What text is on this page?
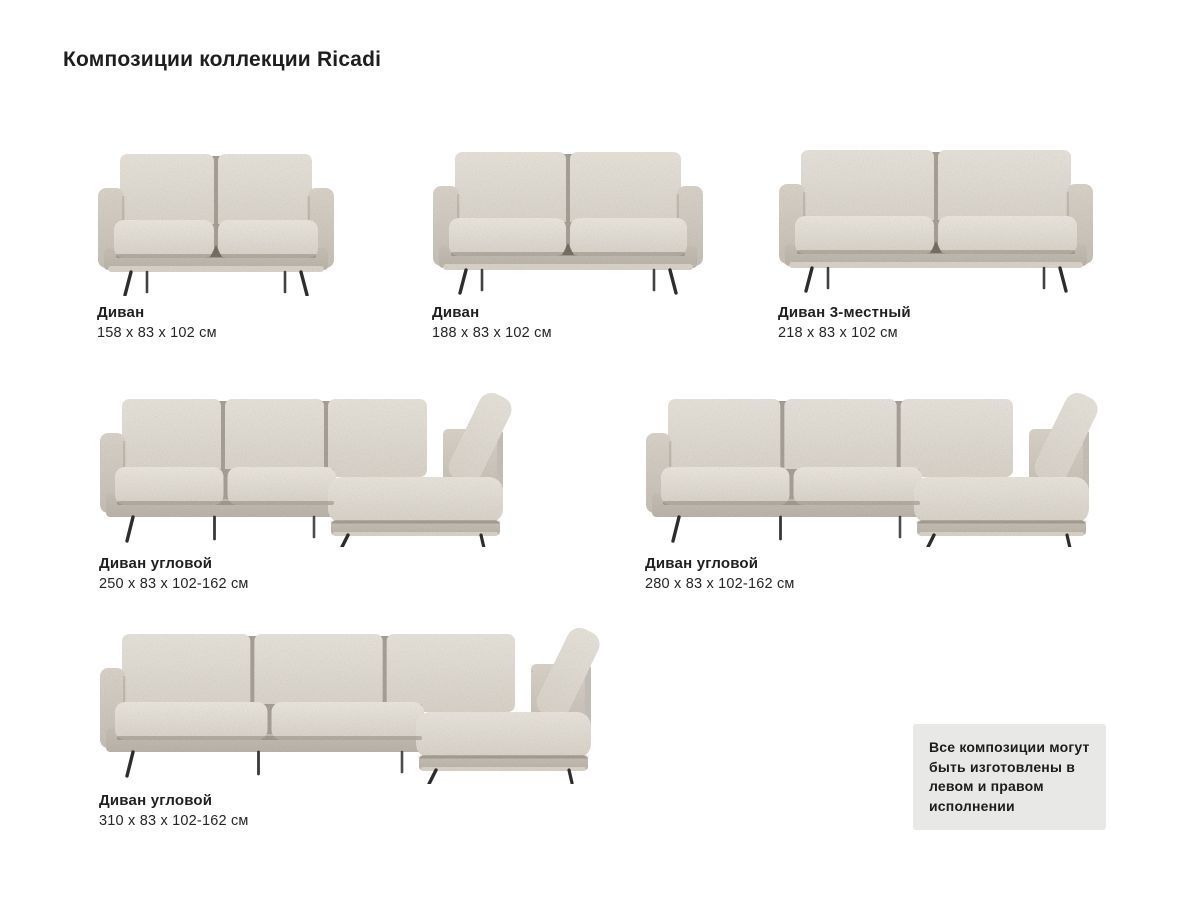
Композиции коллекции Ricadi
Диван
158 x 83 x 102 см
Диван
188 x 83 x 102 см
Диван 3-местный
218 x 83 x 102 см
Диван угловой
250 x 83 x 102-162 см
Диван угловой
280 x 83 x 102-162 см
Диван угловой
310 x 83 x 102-162 см
Все композиции могут быть изготовлены в левом и правом исполнении
